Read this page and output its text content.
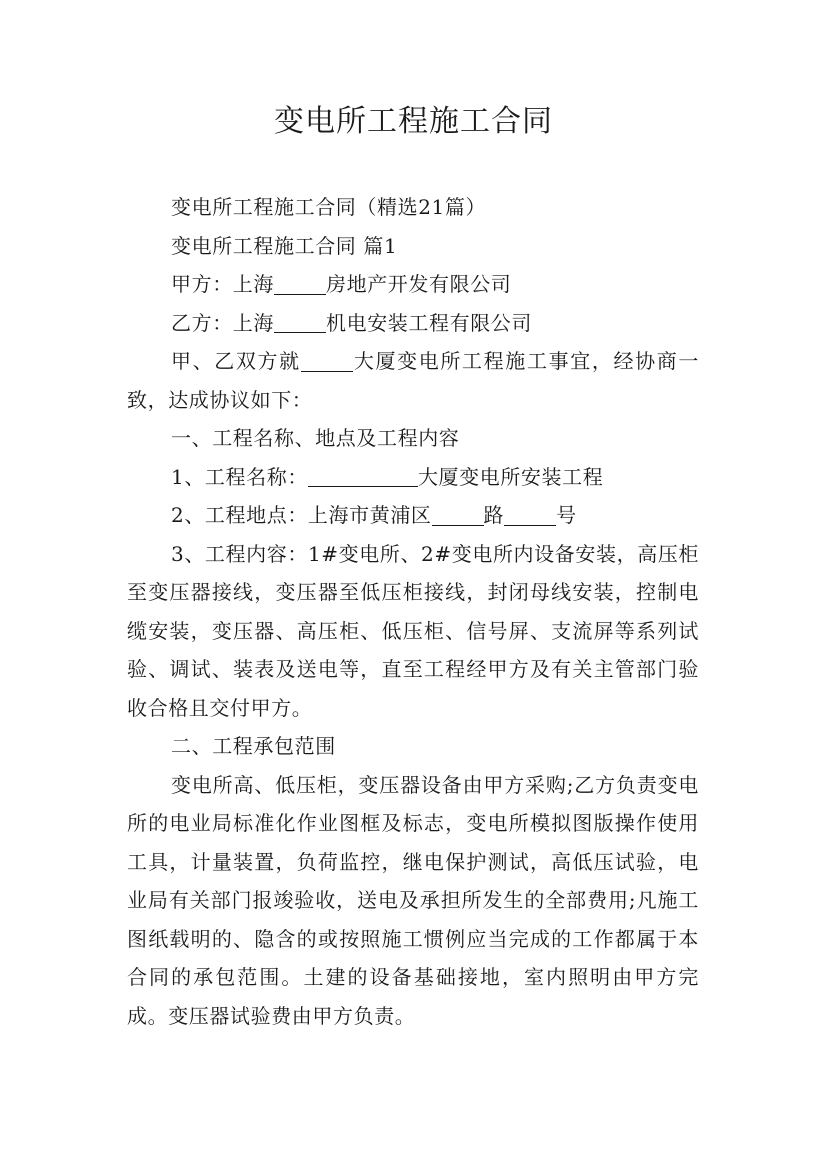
变电所工程施工合同

变电所工程施工合同（精选21篇）

变电所工程施工合同 篇1

甲方：上海	房地产开发有限公司

乙方：上海	机电安装工程有限公司

甲、乙双方就	大厦变电所工程施工事宜，经协商一致，达成协议如下：

一、工程名称、地点及工程内容

1、工程名称：	大厦变电所安装工程

2、工程地点：上海市黄浦区	路	号

3、工程内容：1#变电所、2#变电所内设备安装，高压柜至变压器接线，变压器至低压柜接线，封闭母线安装，控制电缆安装，变压器、高压柜、低压柜、信号屏、支流屏等系列试验、调试、装表及送电等，直至工程经甲方及有关主管部门验收合格且交付甲方。

二、工程承包范围

变电所高、低压柜，变压器设备由甲方采购;乙方负责变电所的电业局标准化作业图框及标志，变电所模拟图版操作使用工具，计量装置，负荷监控，继电保护测试，高低压试验，电业局有关部门报竣验收，送电及承担所发生的全部费用;凡施工图纸载明的、隐含的或按照施工惯例应当完成的工作都属于本合同的承包范围。土建的设备基础接地，室内照明由甲方完成。变压器试验费由甲方负责。
